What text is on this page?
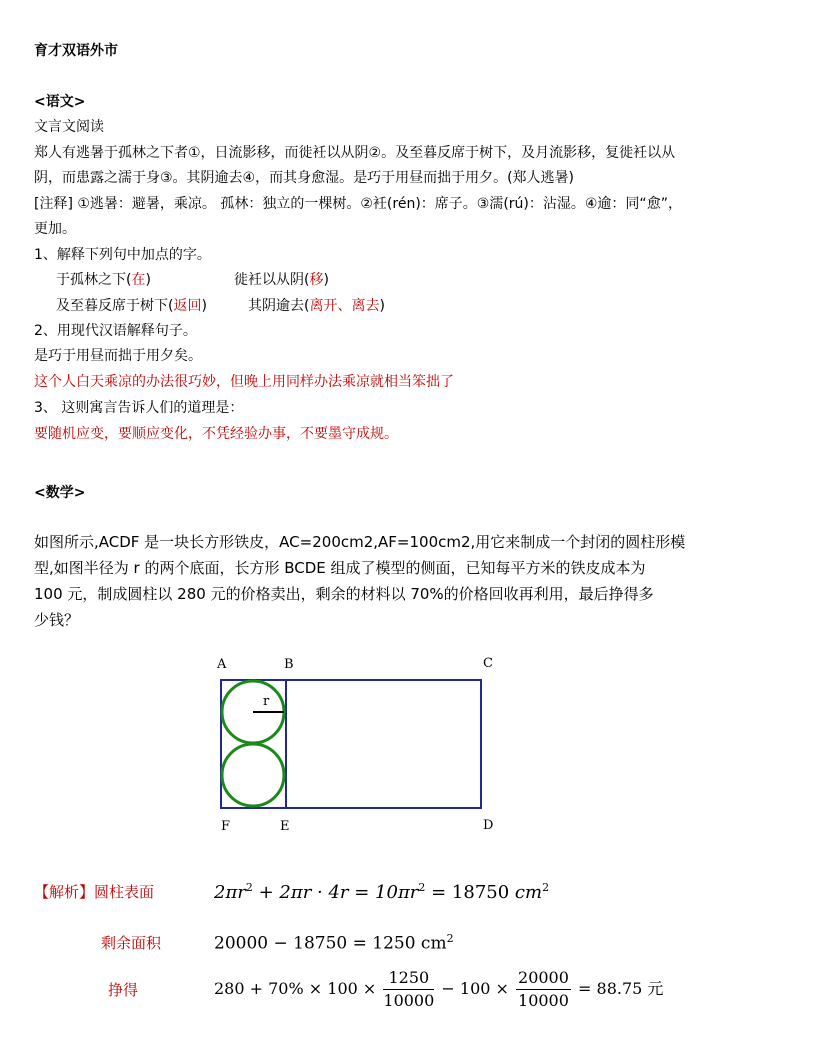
育才双语外市
<语文>
文言文阅读
郑人有逃暑于孤林之下者①，日流影移，而徙衽以从阴②。及至暮反席于树下，及月流影移，复徙衽以从
阴，而患露之濡于身③。其阴逾去④，而其身愈湿。是巧于用昼而拙于用夕。(郑人逃暑)
[注释] ①逃暑：避暑，乘凉。 孤林：独立的一棵树。②衽(rén)：席子。③濡(rú)：沾湿。④逾：同“愈”，
更加。
1、解释下列句中加点的字。
于孤林之下(在)	徙衽以从阴(移)
及至暮反席于树下(返回)	其阴逾去(离开、离去)
2、用现代汉语解释句子。
是巧于用昼而拙于用夕矣。
这个人白天乘凉的办法很巧妙，但晚上用同样办法乘凉就相当笨拙了
3、 这则寓言告诉人们的道理是：
要随机应变，要顺应变化，不凭经验办事，不要墨守成规。
<数学>
如图所示,ACDF 是一块长方形铁皮，AC=200cm2,AF=100cm2,用它来制成一个封闭的圆柱形模
型,如图半径为 r 的两个底面，长方形 BCDE 组成了模型的侧面，已知每平方米的铁皮成本为
100 元，制成圆柱以 280 元的价格卖出，剩余的材料以 70%的价格回收再利用，最后挣得多
少钱？
r
A	B	C
F	E	D
【解析】圆柱表面	$2\pi r^2 + 2\pi r \cdot 4r = 10\pi r^2 = 18750$ $cm^2$
剩余面积	20000 − 18750 = 1250 $cm^2$
挣得	$280 + 70\% \times 100 \times \frac{1250}{10000} - 100 \times \frac{20000}{10000} = 88.75$ 元
